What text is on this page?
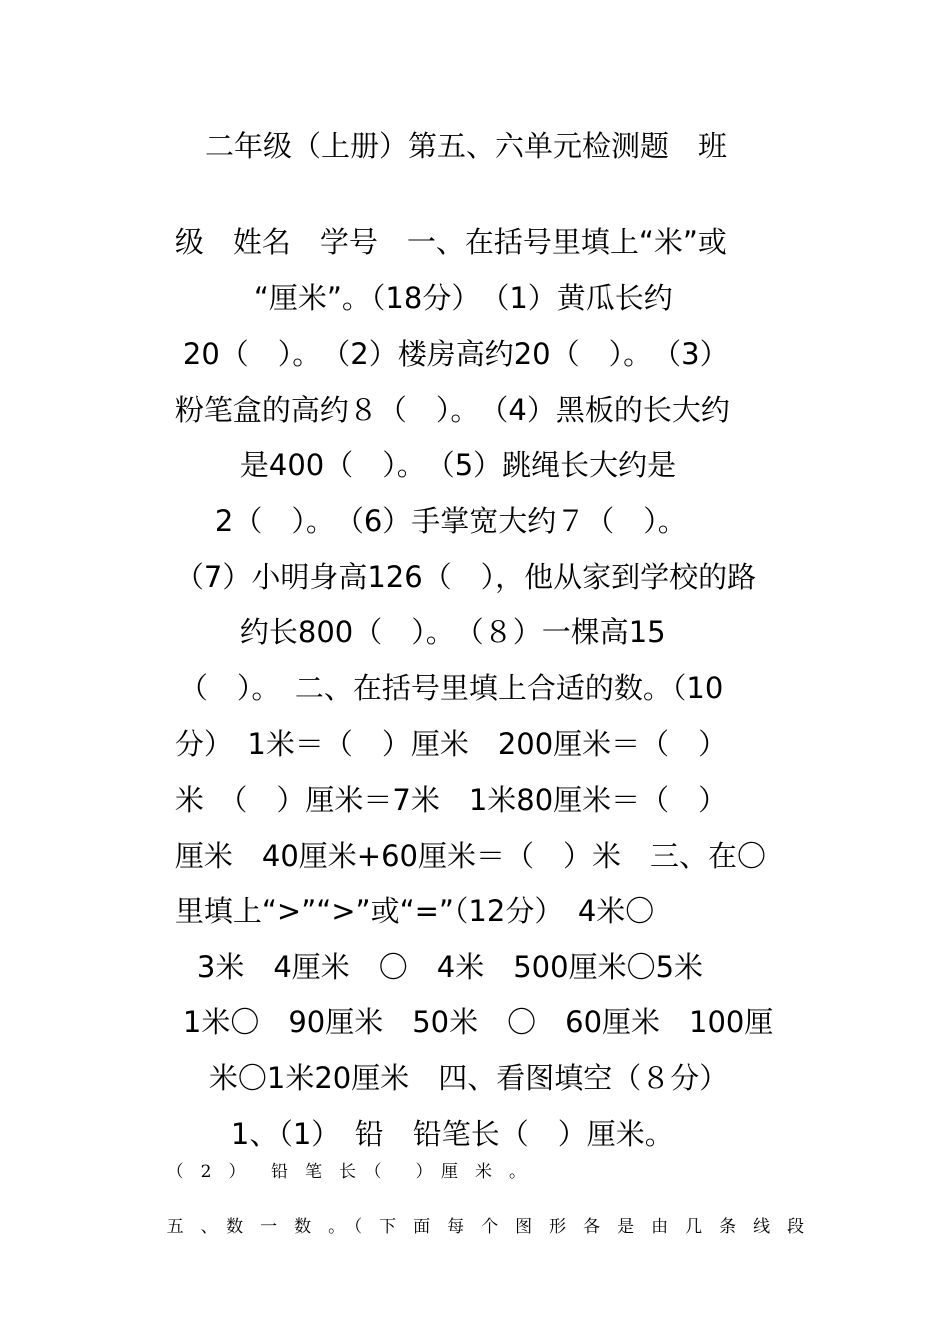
二年级（上册）第五、六单元检测题　班

级　姓名　学号　一、在括号里填上“米”或

“厘米”。（18分）　（1）黄瓜长约

20（　）。　（2）楼房高约20（　）。　（3）

粉笔盒的高约８（　）。　（4）黑板的长大约

是400（　）。　（5）跳绳长大约是

2（　）。　（6）手掌宽大约７（　）。

（7）小明身高126（　），他从家到学校的路

约长800（　）。　（８）一棵高15

（　）。　二、在括号里填上合适的数。（10

分）　1米＝（　）厘米　200厘米＝（　）

米　（　）厘米＝7米　1米80厘米＝（　）

厘米　40厘米+60厘米＝（　）米　三、在〇

里填上“>”“>”或“=”（12分）　4米〇

3米　4厘米　〇　4米　500厘米〇5米

1米〇　90厘米　50米　〇　60厘米　100厘

米〇1米20厘米　四、看图填空（８分）

1、（1）　铅　铅笔长（　）厘米。

（　2　）　　铅　笔　长　（　　）　厘　米　。

五　、　数　一　数　。　（　下　面　每　个　图　形　各　是　由　几　条　线　段
